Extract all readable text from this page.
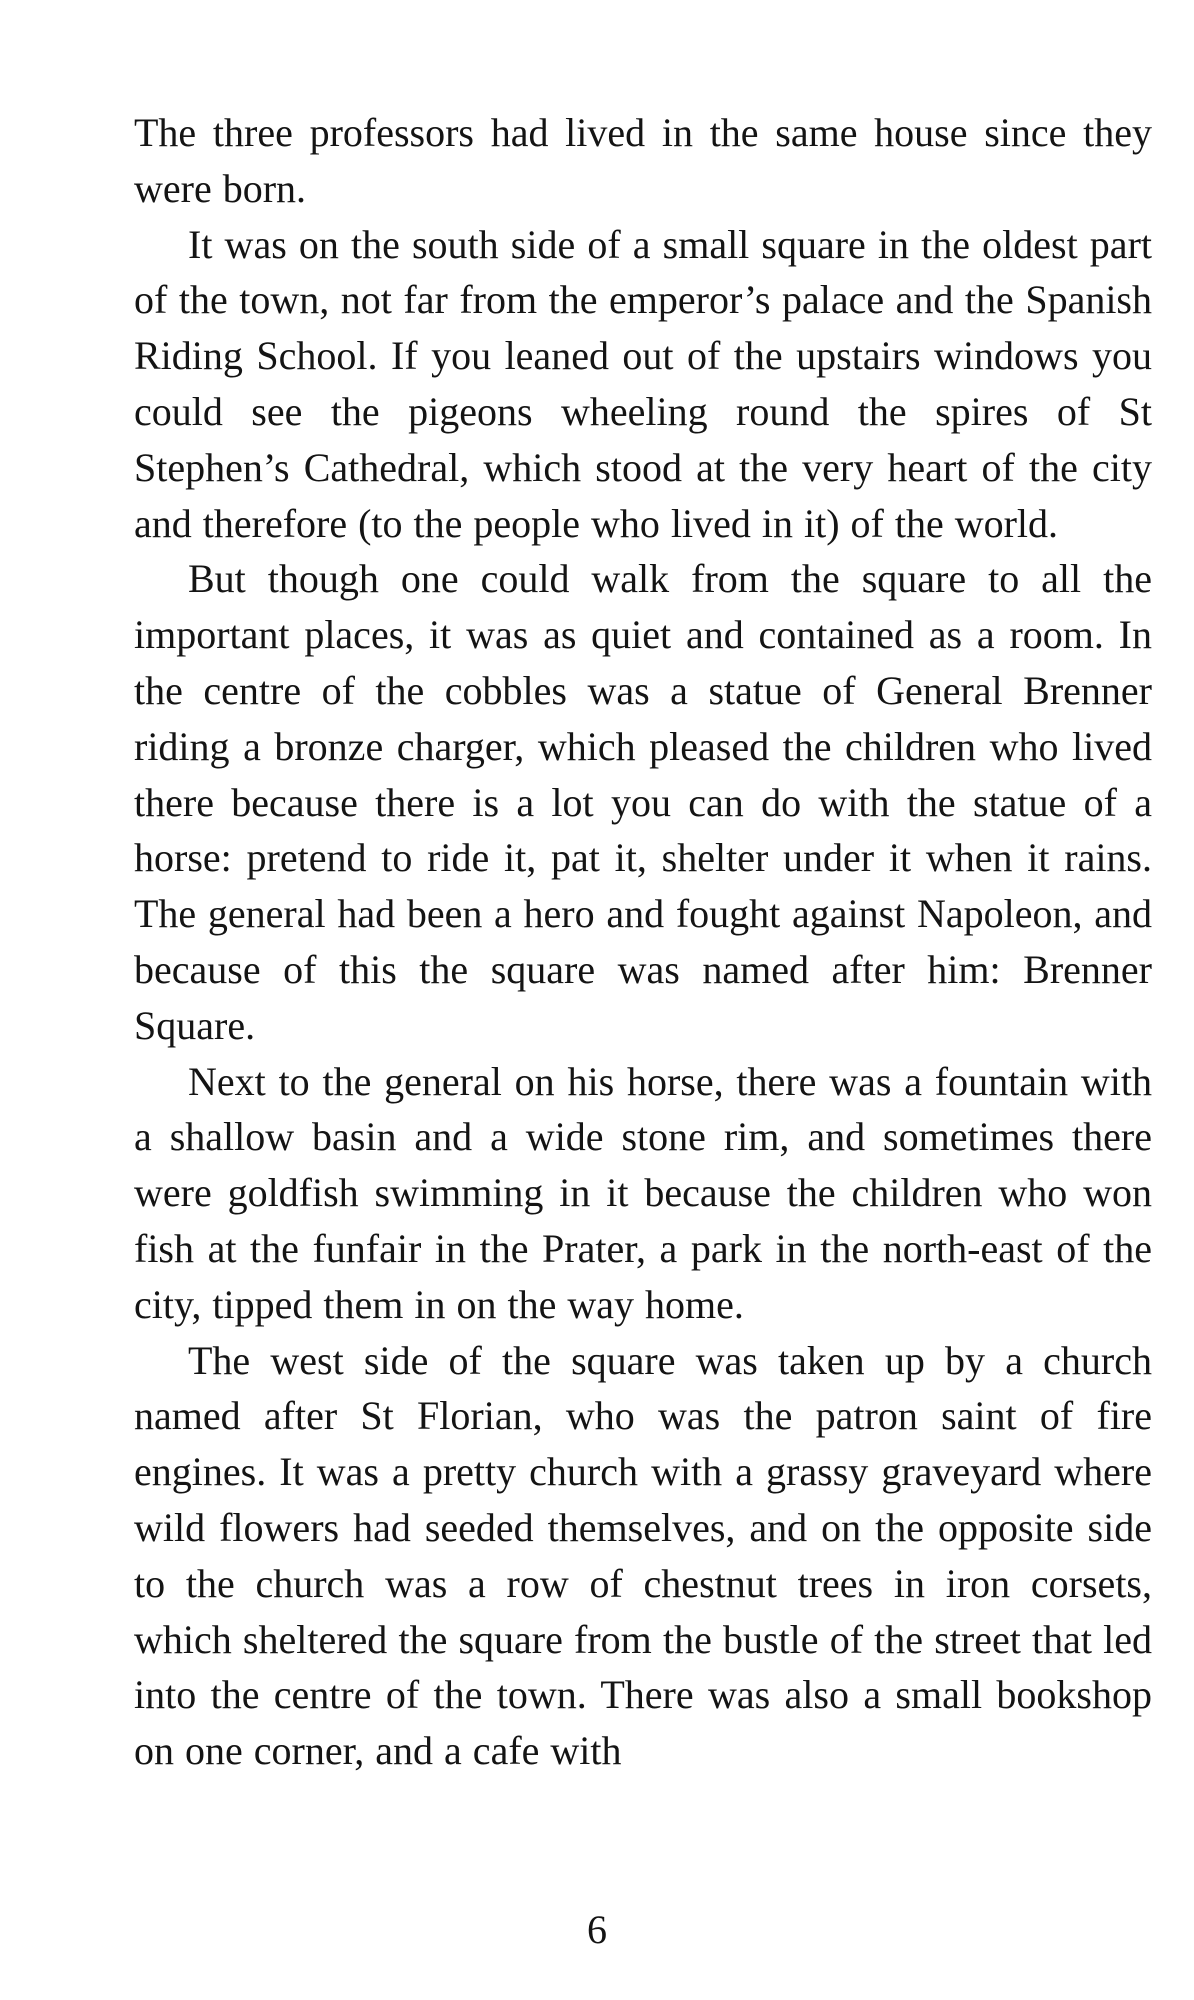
The three professors had lived in the same house since they were born.

It was on the south side of a small square in the oldest part of the town, not far from the emperor’s palace and the Spanish Riding School. If you leaned out of the upstairs windows you could see the pigeons wheeling round the spires of St Stephen’s Cathedral, which stood at the very heart of the city and therefore (to the people who lived in it) of the world.

But though one could walk from the square to all the important places, it was as quiet and contained as a room. In the centre of the cobbles was a statue of General Brenner riding a bronze charger, which pleased the children who lived there because there is a lot you can do with the statue of a horse: pretend to ride it, pat it, shelter under it when it rains. The general had been a hero and fought against Napoleon, and because of this the square was named after him: Brenner Square.

Next to the general on his horse, there was a fountain with a shallow basin and a wide stone rim, and sometimes there were goldfish swimming in it because the children who won fish at the funfair in the Prater, a park in the north-east of the city, tipped them in on the way home.

The west side of the square was taken up by a church named after St Florian, who was the patron saint of fire engines. It was a pretty church with a grassy graveyard where wild flowers had seeded themselves, and on the opposite side to the church was a row of chestnut trees in iron corsets, which sheltered the square from the bustle of the street that led into the centre of the town. There was also a small bookshop on one corner, and a cafe with

6
